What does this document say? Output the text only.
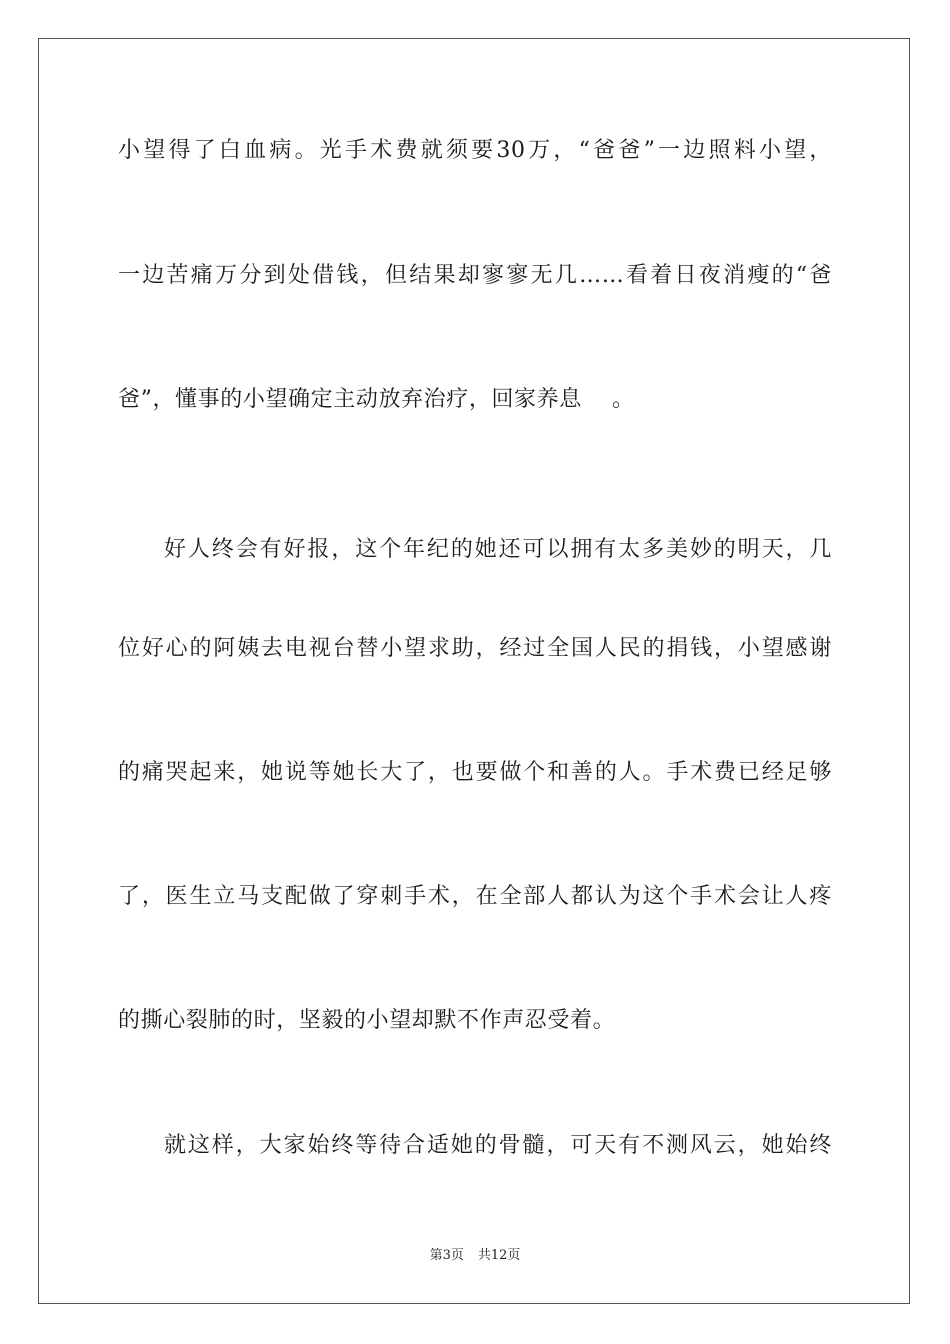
小望得了白血病。光手术费就须要30万，“爸爸”一边照料小望，
一边苦痛万分到处借钱，但结果却寥寥无几……看着日夜消瘦的“爸
爸”，懂事的小望确定主动放弃治疗，回家养息　 。
好人终会有好报，这个年纪的她还可以拥有太多美妙的明天，几
位好心的阿姨去电视台替小望求助，经过全国人民的捐钱，小望感谢
的痛哭起来，她说等她长大了，也要做个和善的人。手术费已经足够
了，医生立马支配做了穿刺手术，在全部人都认为这个手术会让人疼
的撕心裂肺的时，坚毅的小望却默不作声忍受着。
就这样，大家始终等待合适她的骨髓，可天有不测风云，她始终
第3页 共12页
